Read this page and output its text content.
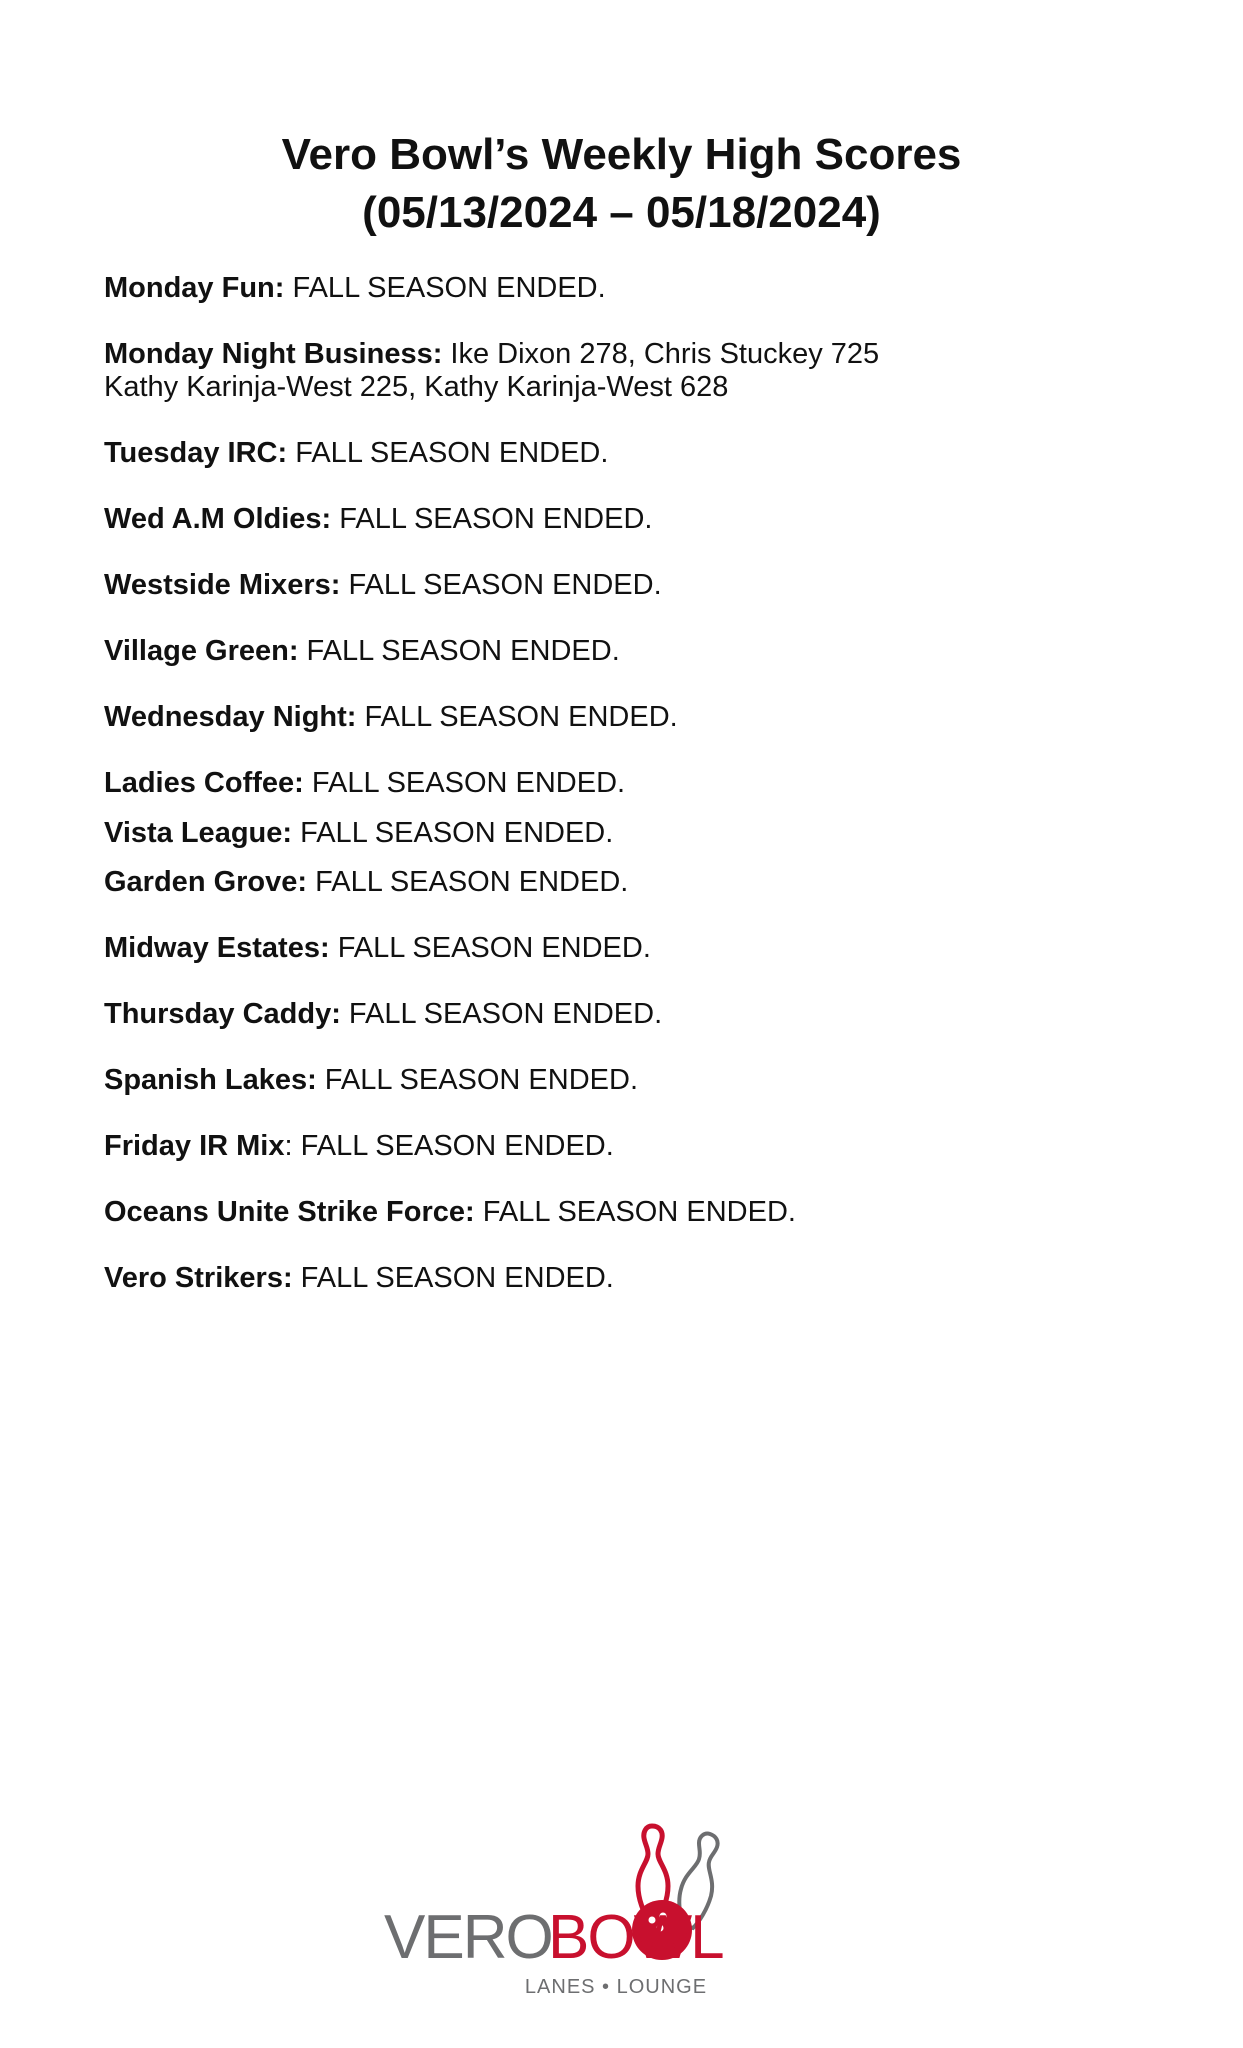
Vero Bowl’s Weekly High Scores
(05/13/2024 – 05/18/2024)
Monday Fun: FALL SEASON ENDED.
Monday Night Business: Ike Dixon 278, Chris Stuckey 725
Kathy Karinja-West 225, Kathy Karinja-West 628
Tuesday IRC: FALL SEASON ENDED.
Wed A.M Oldies: FALL SEASON ENDED.
Westside Mixers: FALL SEASON ENDED.
Village Green: FALL SEASON ENDED.
Wednesday Night: FALL SEASON ENDED.
Ladies Coffee: FALL SEASON ENDED.
Vista League: FALL SEASON ENDED.
Garden Grove: FALL SEASON ENDED.
Midway Estates: FALL SEASON ENDED.
Thursday Caddy: FALL SEASON ENDED.
Spanish Lakes: FALL SEASON ENDED.
Friday IR Mix: FALL SEASON ENDED.
Oceans Unite Strike Force: FALL SEASON ENDED.
Vero Strikers: FALL SEASON ENDED.
VERO
BOWL
LANES • LOUNGE
